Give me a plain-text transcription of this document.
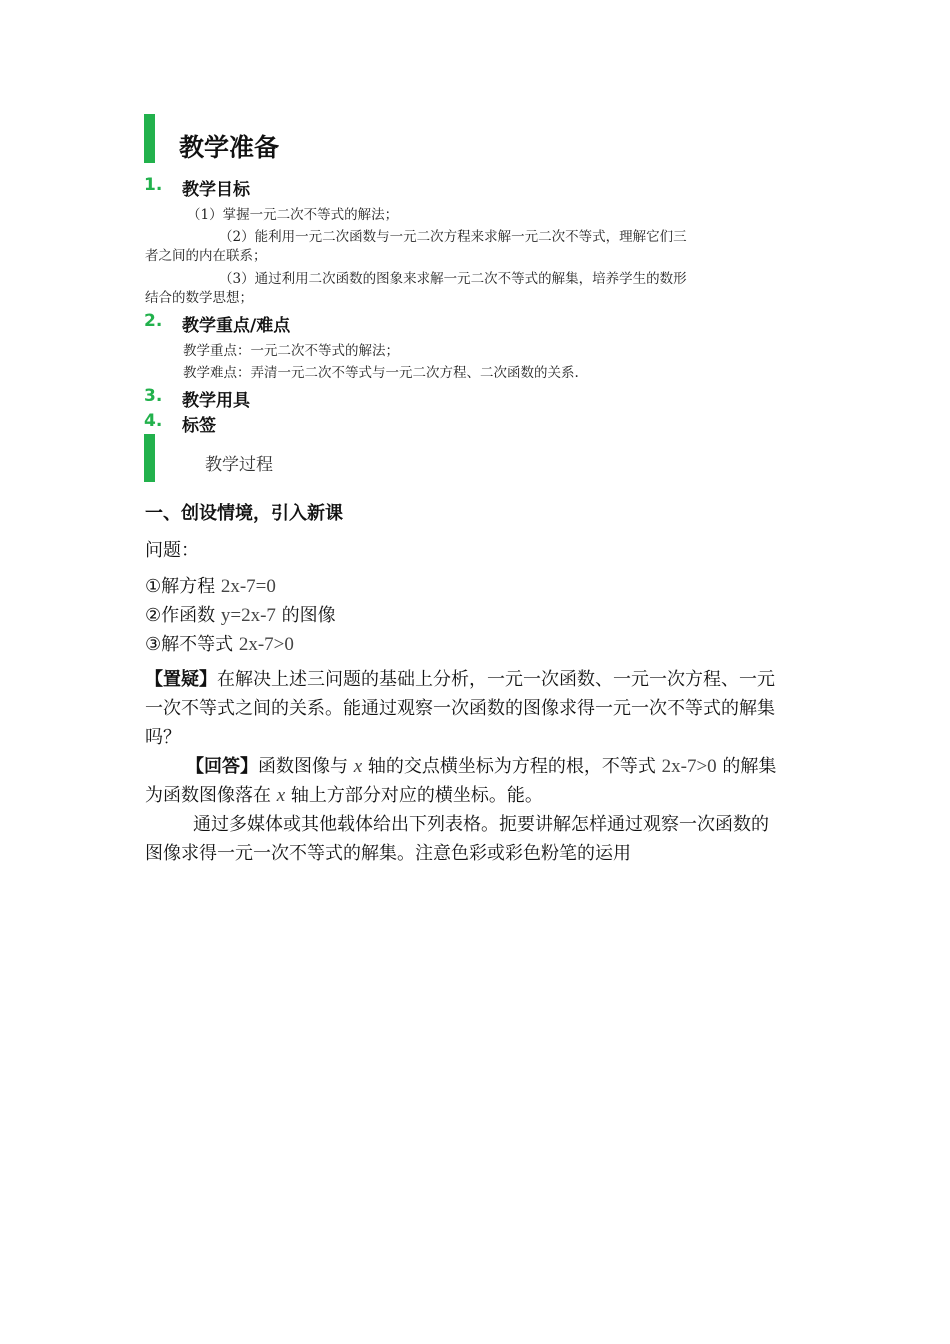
教学准备
1. 教学目标
（1）掌握一元二次不等式的解法；
（2）能利用一元二次函数与一元二次方程来求解一元二次不等式，理解它们三
者之间的内在联系；
（3）通过利用二次函数的图象来求解一元二次不等式的解集，培养学生的数形
结合的数学思想；
2. 教学重点/难点
教学重点：一元二次不等式的解法；
教学难点：弄清一元二次不等式与一元二次方程、二次函数的关系.
3. 教学用具
4. 标签
教学过程
一、创设情境，引入新课
问题：
①解方程 2x-7=0
②作函数 y=2x-7 的图像
③解不等式 2x-7>0
【置疑】在解决上述三问题的基础上分析，一元一次函数、一元一次方程、一元
一次不等式之间的关系。能通过观察一次函数的图像求得一元一次不等式的解集
吗？
【回答】函数图像与 x 轴的交点横坐标为方程的根，不等式 2x-7>0 的解集
为函数图像落在 x 轴上方部分对应的横坐标。能。
通过多媒体或其他载体给出下列表格。扼要讲解怎样通过观察一次函数的
图像求得一元一次不等式的解集。注意色彩或彩色粉笔的运用
